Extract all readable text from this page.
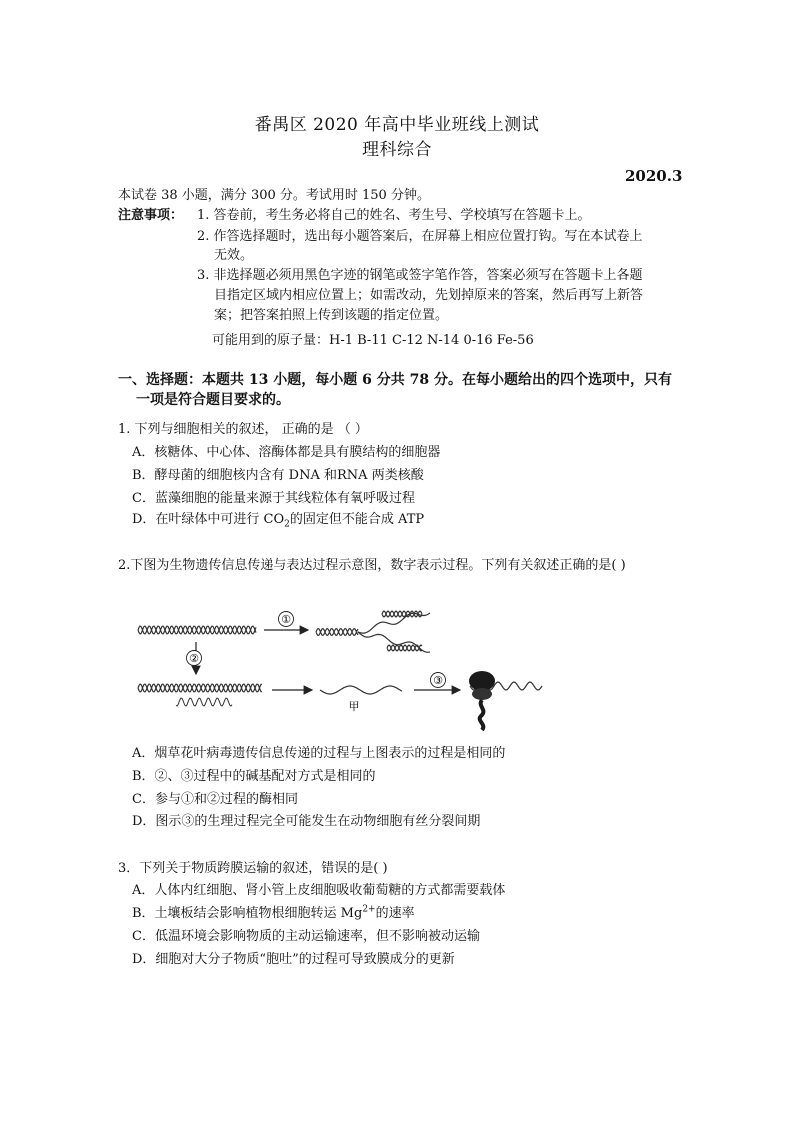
番禺区 2020 年高中毕业班线上测试
理科综合
2020.3
本试卷 38 小题，满分 300 分。考试用时 150 分钟。
注意事项： 1. 答卷前，考生务必将自己的姓名、考生号、学校填写在答题卡上。
2. 作答选择题时，选出每小题答案后，在屏幕上相应位置打钩。写在本试卷上
无效。
3. 非选择题必须用黑色字迹的钢笔或签字笔作答，答案必须写在答题卡上各题
目指定区域内相应位置上；如需改动，先划掉原来的答案，然后再写上新答
案；把答案拍照上传到该题的指定位置。
可能用到的原子量：H-1 B-11 C-12 N-14 0-16 Fe-56
一、选择题：本题共 13 小题，每小题 6 分共 78 分。在每小题给出的四个选项中，只有
一项是符合题目要求的。
1. 下列与细胞相关的叙述， 正确的是 （ ）
A．核糖体、中心体、溶酶体都是具有膜结构的细胞器
B．酵母菌的细胞核内含有 DNA 和RNA 两类核酸
C．蓝藻细胞的能量来源于其线粒体有氧呼吸过程
D．在叶绿体中可进行 $CO_2$的固定但不能合成 ATP
2.下图为生物遗传信息传递与表达过程示意图，数字表示过程。下列有关叙述正确的是( )
①
②
甲
③
A．烟草花叶病毒遗传信息传递的过程与上图表示的过程是相同的
B．②、③过程中的碱基配对方式是相同的
C．参与①和②过程的酶相同
D．图示③的生理过程完全可能发生在动物细胞有丝分裂间期
3．下列关于物质跨膜运输的叙述，错误的是( )
A．人体内红细胞、肾小管上皮细胞吸收葡萄糖的方式都需要载体
B．土壤板结会影响植物根细胞转运 $Mg^{2+}$的速率
C．低温环境会影响物质的主动运输速率，但不影响被动运输
D．细胞对大分子物质“胞吐”的过程可导致膜成分的更新
